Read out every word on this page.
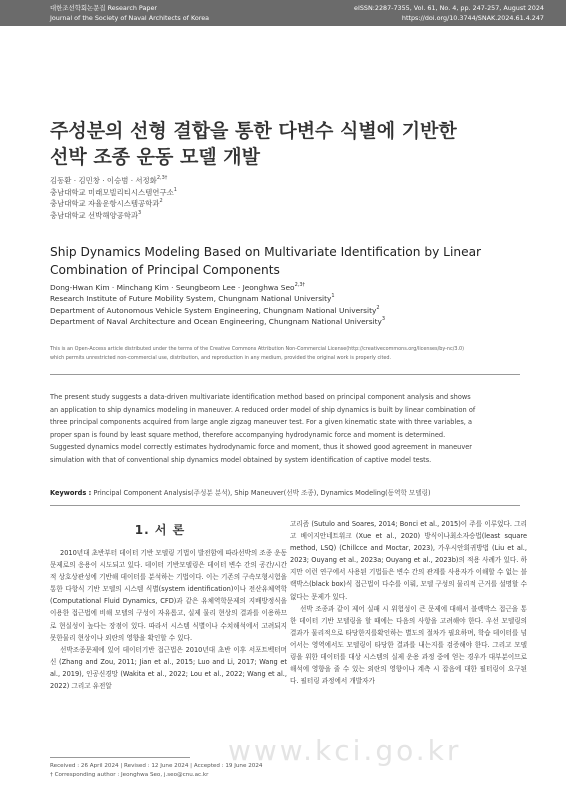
대한조선학회논문집 Research Paper
Journal of the Society of Naval Architects of Korea
eISSN:2287-7355, Vol. 61, No. 4, pp. 247-257, August 2024
https://doi.org/10.3744/SNAK.2024.61.4.247
주성분의 선형 결합을 통한 다변수 식별에 기반한
선박 조종 운동 모델 개발
김동환 · 김민창 · 이승범 · 서정화$^{2,3\dagger}$
충남대학교 미래모빌리티시스템연구소$^1$
충남대학교 자율운항시스템공학과$^2$
충남대학교 선박해양공학과$^3$
Ship Dynamics Modeling Based on Multivariate Identification by Linear
Combination of Principal Components
Dong-Hwan Kim · Minchang Kim · Seungbeom Lee · Jeonghwa Seo$^{2,3\dagger}$
Research Institute of Future Mobility System, Chungnam National University$^1$
Department of Autonomous Vehicle System Engineering, Chungnam National University$^2$
Department of Naval Architecture and Ocean Engineering, Chungnam National University$^3$
This is an Open-Access article distributed under the terms of the Creative Commons Attribution Non-Commercial License(http://creativecommons.org/licenses/by-nc/3.0)
which permits unrestricted non-commercial use, distribution, and reproduction in any medium, provided the original work is properly cited.
The present study suggests a data-driven multivariate identification method based on principal component analysis and shows
an application to ship dynamics modeling in maneuver. A reduced order model of ship dynamics is built by linear combination of
three principal components acquired from large angle zigzag maneuver test. For a given kinematic state with three variables, a
proper span is found by least square method, therefore accompanying hydrodynamic force and moment is determined.
Suggested dynamics model correctly estimates hydrodynamic force and moment, thus it showed good agreement in maneuver
simulation with that of conventional ship dynamics model obtained by system identification of captive model tests.
Keywords : Principal Component Analysis(주성분 분석), Ship Maneuver(선박 조종), Dynamics Modeling(동역학 모델링)
1. 서 론

2010년대 초반부터 데이터 기반 모델링 기법이 발전함에 따라선박의 조종 운동 문제로의 응용이 시도되고 있다. 데이터 기반모델링은 데이터 변수 간의 공간/시간적 상호상관성에 기반해 데이터를 분석하는 기법이다. 이는 기존의 구속모형시험을 통한 다항식 기반 모델의 시스템 식별(system identification)이나 전산유체역학(Computational Fluid Dynamics, CFD)과 같은 유체역학문제의 지배방정식을 이용한 접근법에 비해 모델의 구성이 자유롭고, 실제 물리 현상의 결과를 이용하므로 현실성이 높다는 장점이 있다. 따라서 시스템 식별이나 수치해석에서 고려되지 못한물리 현상이나 외란의 영향을 확인할 수 있다.

선박조종문제에 있어 데이터기반 접근법은 2010년대 초반 이후 서포트벡터머신 (Zhang and Zou, 2011; Jian et al., 2015; Luo and Li, 2017; Wang et al., 2019), 인공신경망 (Wakita et al., 2022; Lou et al., 2022; Wang et al., 2022) 그리고 유전알

고리즘 (Sutulo and Soares, 2014; Bonci et al., 2015)이 주를 이루었다. 그리고 베이지안네트워크 (Xue et al., 2020) 방식이나최소자승법(least square method, LSQ) (Chillcce and Moctar, 2023), 가우시안회귀방법 (Liu et al., 2023; Ouyang et al., 2023a; Ouyang et al., 2023b)의 적용 사례가 있다. 하지만 이런 연구에서 사용된 기법들은 변수 간의 관계를 사용자가 이해할 수 없는 블랙박스(black box)식 접근법이 다수를 이뤄, 모델 구성의 물리적 근거를 설명할 수 없다는 문제가 있다.

선박 조종과 같이 제어 실패 시 위험성이 큰 문제에 대해서 블랙박스 접근을 통한 데이터 기반 모델링을 할 때에는 다음의 사항을 고려해야 한다. 우선 모델링의 결과가 물리적으로 타당한지를확인하는 별도의 절차가 필요하며, 학습 데이터를 넘어서는 영역에서도 모델링이 타당한 결과를 내는지를 검증해야 한다. 그리고 모델링을 위한 데이터를 대상 시스템의 실제 운용 과정 중에 얻는 경우가 대부분이므로 해석에 영향을 줄 수 있는 외란의 영향이나 계측 시 잡음에 대한 필터링이 요구된다. 필터링 과정에서 개발자가

www.kci.go.kr
Received : 26 April 2024 | Revised : 12 June 2024 | Accepted : 19 June 2024
† Corresponding author : Jeonghwa Seo, j.seo@cnu.ac.kr
